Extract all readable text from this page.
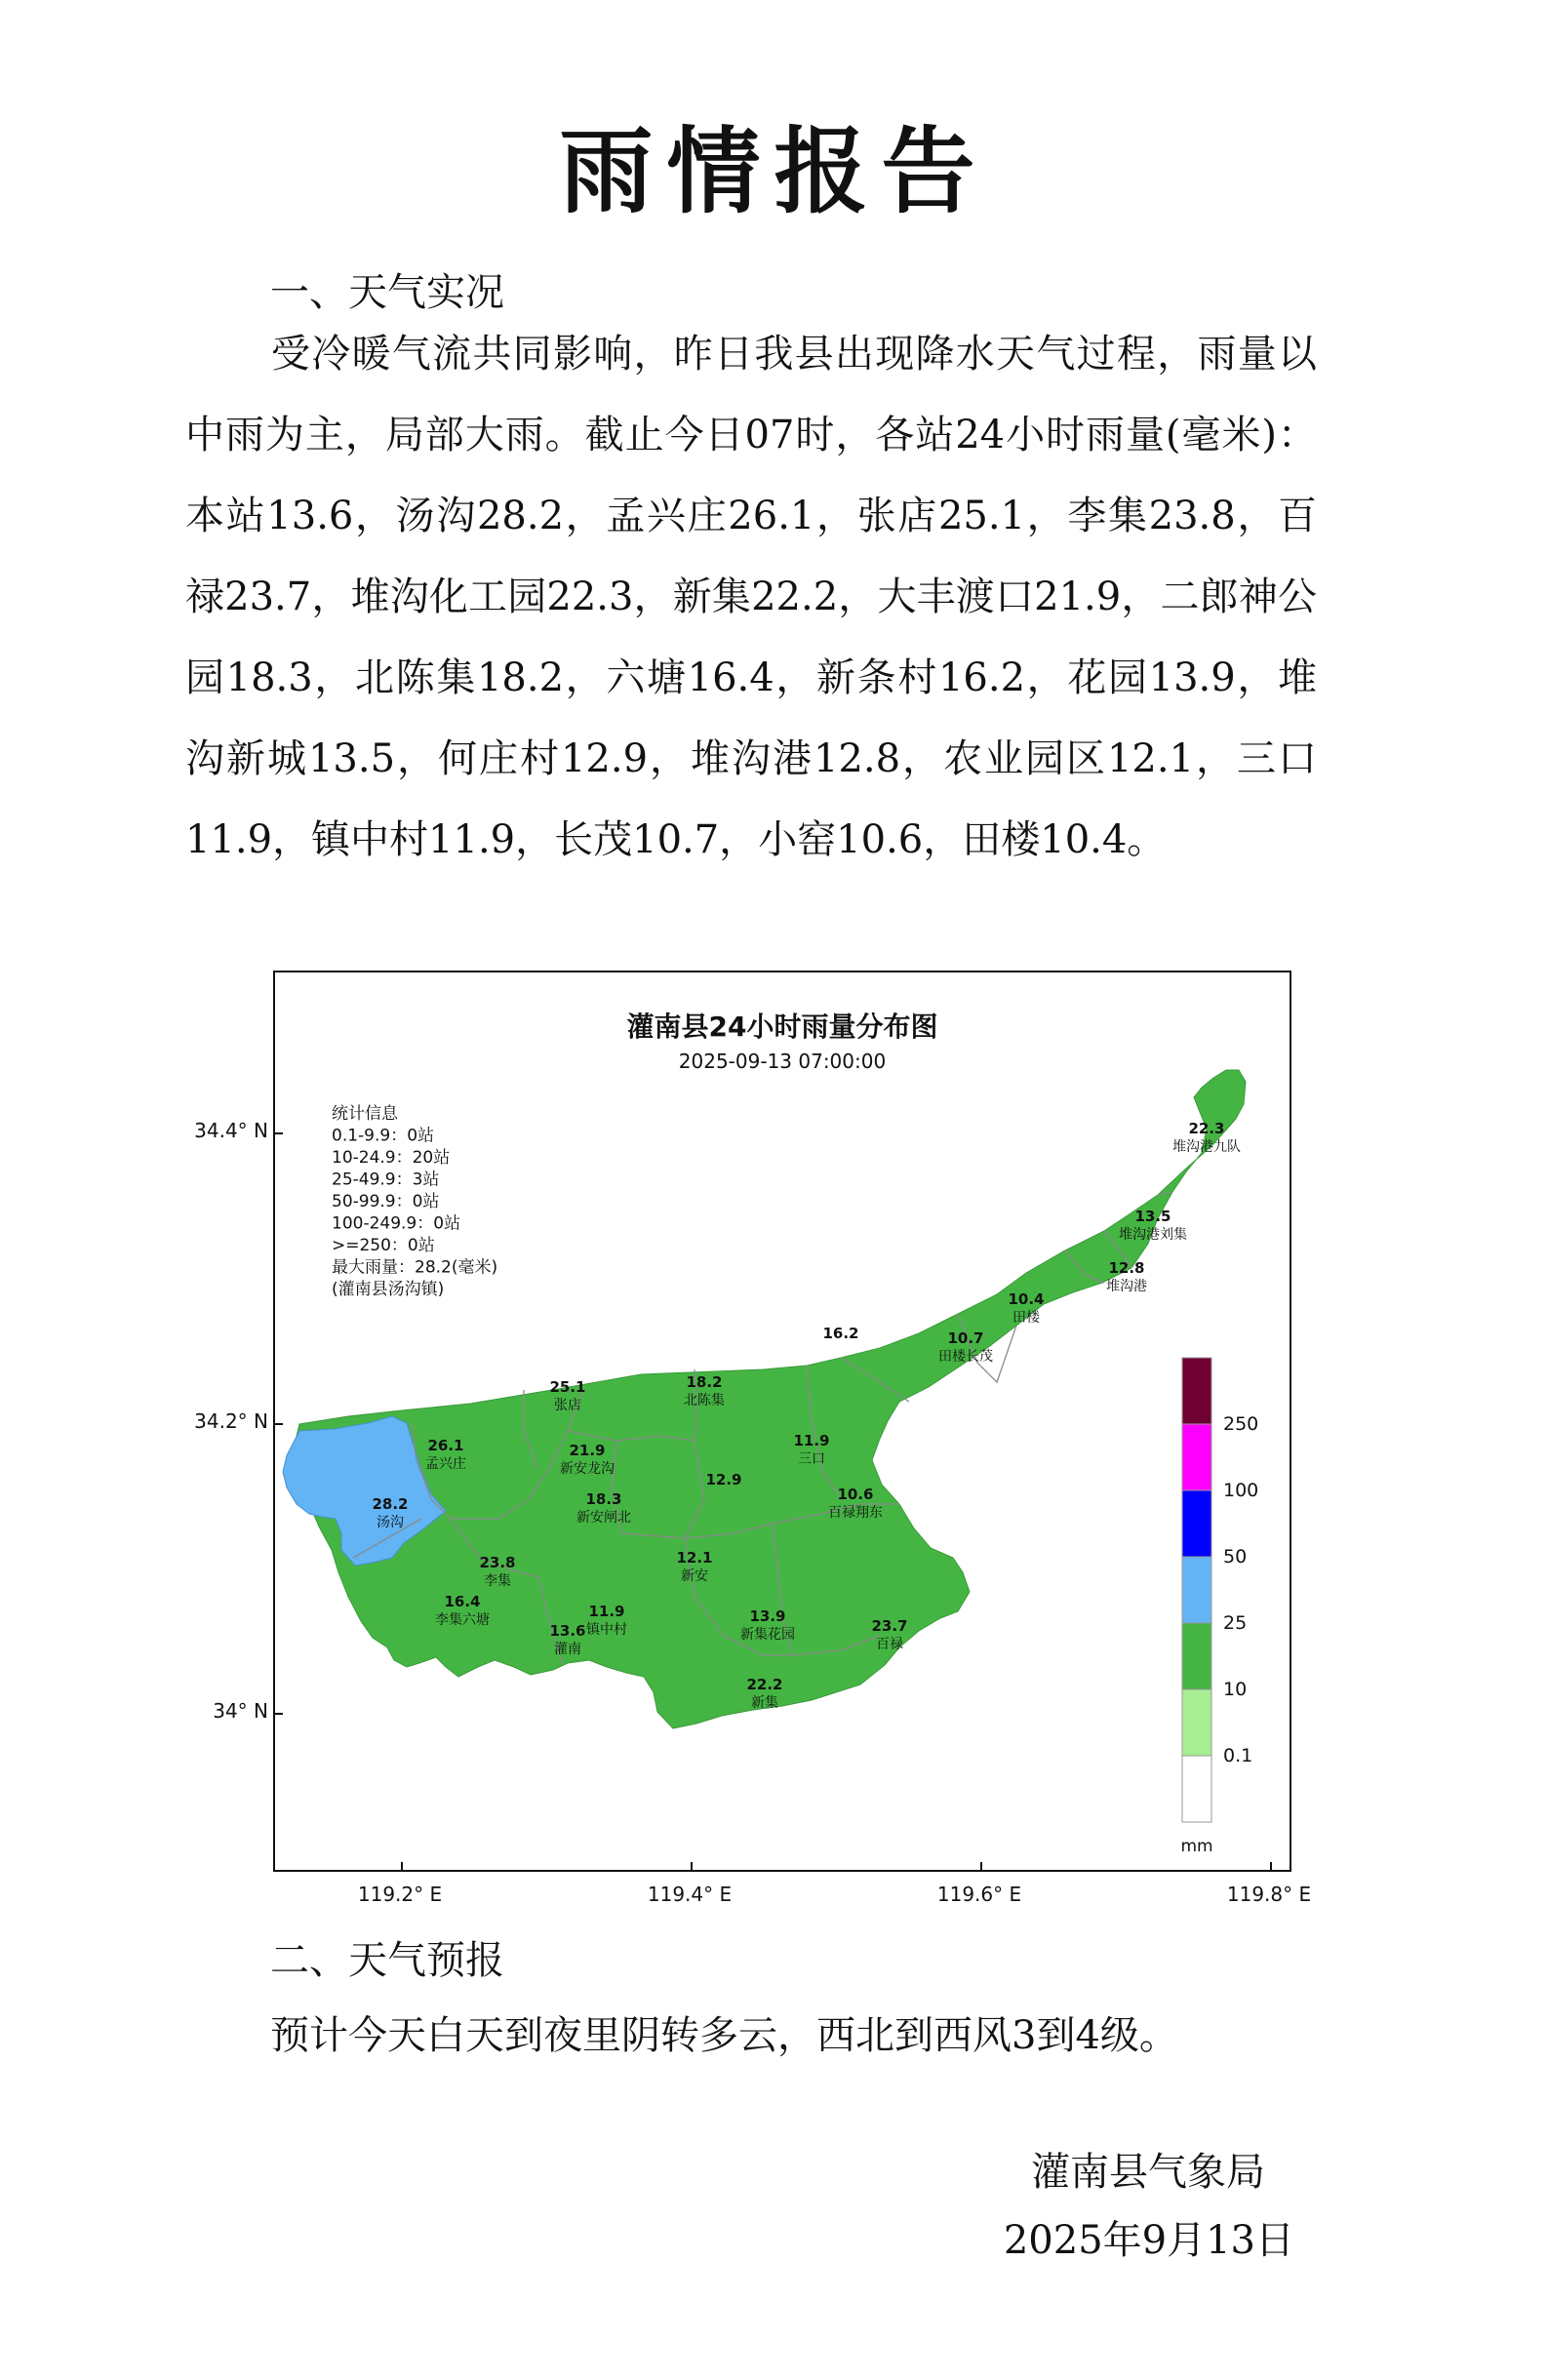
雨情报告
一、天气实况
受冷暖气流共同影响，昨日我县出现降水天气过程，雨量以中雨为主，局部大雨。截止今日07时，各站24小时雨量(毫米)：本站13.6，汤沟28.2，孟兴庄26.1，张店25.1，李集23.8，百禄23.7，堆沟化工园22.3，新集22.2，大丰渡口21.9，二郎神公园18.3，北陈集18.2，六塘16.4，新条村16.2，花园13.9，堆沟新城13.5，何庄村12.9，堆沟港12.8，农业园区12.1，三口11.9，镇中村11.9，长茂10.7，小窑10.6，田楼10.4。
灌南县24小时雨量分布图
2025-09-13 07:00:00
统计信息
0.1-9.9：0站
10-24.9：20站
25-49.9：3站
50-99.9：0站
100-249.9：0站
>=250：0站
最大雨量：28.2(毫米)
(灌南县汤沟镇)
22.3
堆沟港九队
13.5
堆沟港刘集
12.8
堆沟港
10.4
田楼
10.7
田楼长茂
16.2
18.2
北陈集
25.1
张店
26.1
孟兴庄
28.2
汤沟
21.9
新安龙沟
18.3
新安闸北
11.9
三口
12.9
10.6
百禄翔东
23.8
李集
16.4
李集六塘
12.1
新安
11.9
镇中村
13.6
灌南
13.9
新集花园	23.7
百禄
22.2
新集
250
100
50
25
10
0.1
mm
34.4° N
34.2° N
34° N
119.2° E	119.4° E	119.6° E	119.8° E
二、天气预报
预计今天白天到夜里阴转多云，西北到西风3到4级。
灌南县气象局
2025年9月13日
